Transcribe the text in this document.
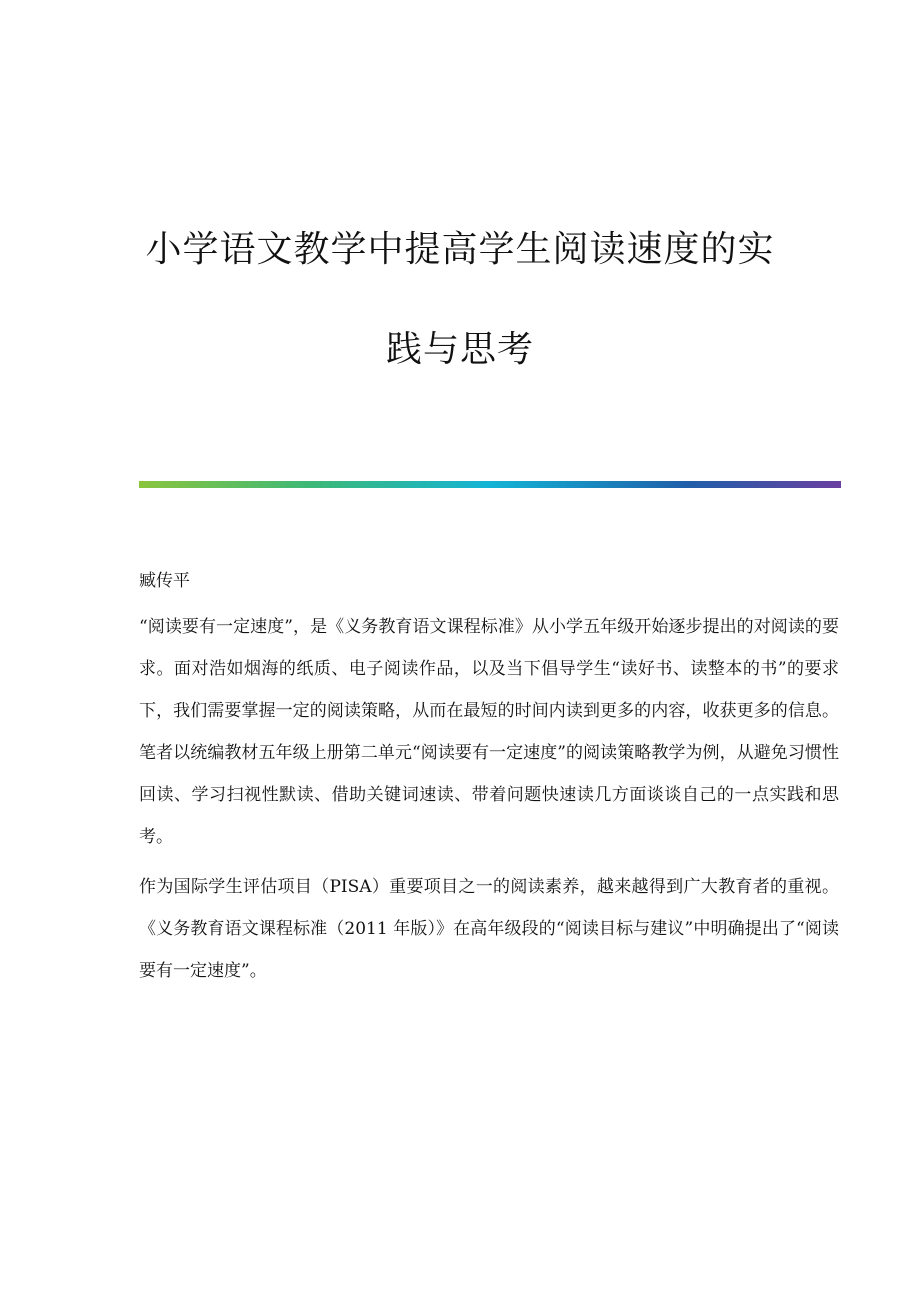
小学语文教学中提高学生阅读速度的实
践与思考

臧传平

“阅读要有一定速度”，是《义务教育语文课程标准》从小学五年级开始逐步提出的对阅读的要求。面对浩如烟海的纸质、电子阅读作品，以及当下倡导学生“读好书、读整本的书”的要求下，我们需要掌握一定的阅读策略，从而在最短的时间内读到更多的内容，收获更多的信息。笔者以统编教材五年级上册第二单元“阅读要有一定速度”的阅读策略教学为例，从避免习惯性回读、学习扫视性默读、借助关键词速读、带着问题快速读几方面谈谈自己的一点实践和思考。

作为国际学生评估项目（PISA）重要项目之一的阅读素养，越来越得到广大教育者的重视。《义务教育语文课程标准（2011 年版）》在高年级段的“阅读目标与建议”中明确提出了“阅读要有一定速度”。
